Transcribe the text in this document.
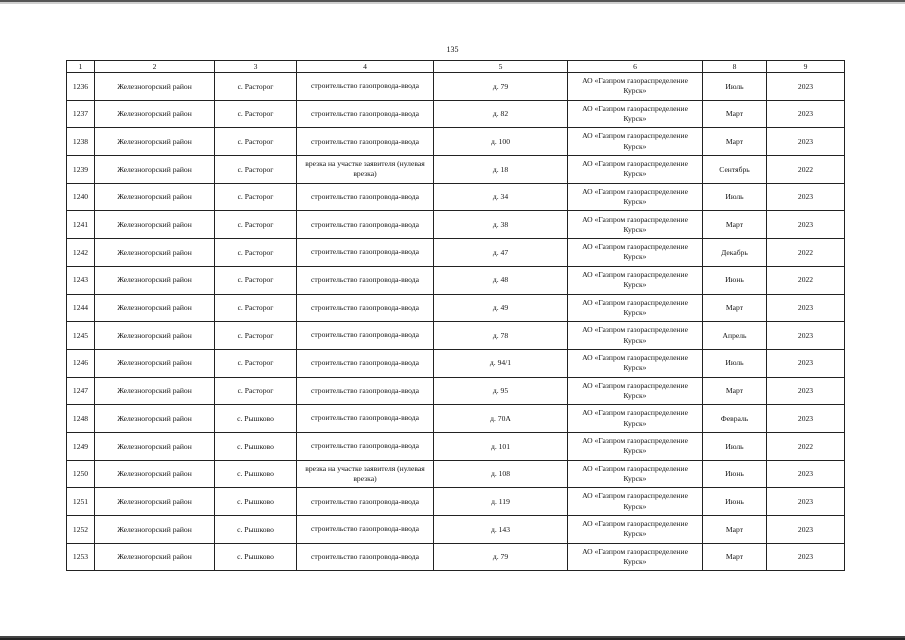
135
1	2	3	4	5	6	8	9
1236	Железногорский район	с. Расторог	строительство газопровода-ввода	д. 79	АО «Газпром газораспределение Курск»	Июль	2023
1237	Железногорский район	с. Расторог	строительство газопровода-ввода	д. 82	АО «Газпром газораспределение Курск»	Март	2023
1238	Железногорский район	с. Расторог	строительство газопровода-ввода	д. 100	АО «Газпром газораспределение Курск»	Март	2023
1239	Железногорский район	с. Расторог	врезка на участке заявителя (нулевая врезка)	д. 18	АО «Газпром газораспределение Курск»	Сентябрь	2022
1240	Железногорский район	с. Расторог	строительство газопровода-ввода	д. 34	АО «Газпром газораспределение Курск»	Июль	2023
1241	Железногорский район	с. Расторог	строительство газопровода-ввода	д. 38	АО «Газпром газораспределение Курск»	Март	2023
1242	Железногорский район	с. Расторог	строительство газопровода-ввода	д. 47	АО «Газпром газораспределение Курск»	Декабрь	2022
1243	Железногорский район	с. Расторог	строительство газопровода-ввода	д. 48	АО «Газпром газораспределение Курск»	Июнь	2022
1244	Железногорский район	с. Расторог	строительство газопровода-ввода	д. 49	АО «Газпром газораспределение Курск»	Март	2023
1245	Железногорский район	с. Расторог	строительство газопровода-ввода	д. 78	АО «Газпром газораспределение Курск»	Апрель	2023
1246	Железногорский район	с. Расторог	строительство газопровода-ввода	д. 94/1	АО «Газпром газораспределение Курск»	Июль	2023
1247	Железногорский район	с. Расторог	строительство газопровода-ввода	д. 95	АО «Газпром газораспределение Курск»	Март	2023
1248	Железногорский район	с. Рышково	строительство газопровода-ввода	д. 70А	АО «Газпром газораспределение Курск»	Февраль	2023
1249	Железногорский район	с. Рышково	строительство газопровода-ввода	д. 101	АО «Газпром газораспределение Курск»	Июль	2022
1250	Железногорский район	с. Рышково	врезка на участке заявителя (нулевая врезка)	д. 108	АО «Газпром газораспределение Курск»	Июнь	2023
1251	Железногорский район	с. Рышково	строительство газопровода-ввода	д. 119	АО «Газпром газораспределение Курск»	Июнь	2023
1252	Железногорский район	с. Рышково	строительство газопровода-ввода	д. 143	АО «Газпром газораспределение Курск»	Март	2023
1253	Железногорский район	с. Рышково	строительство газопровода-ввода	д. 79	АО «Газпром газораспределение Курск»	Март	2023
